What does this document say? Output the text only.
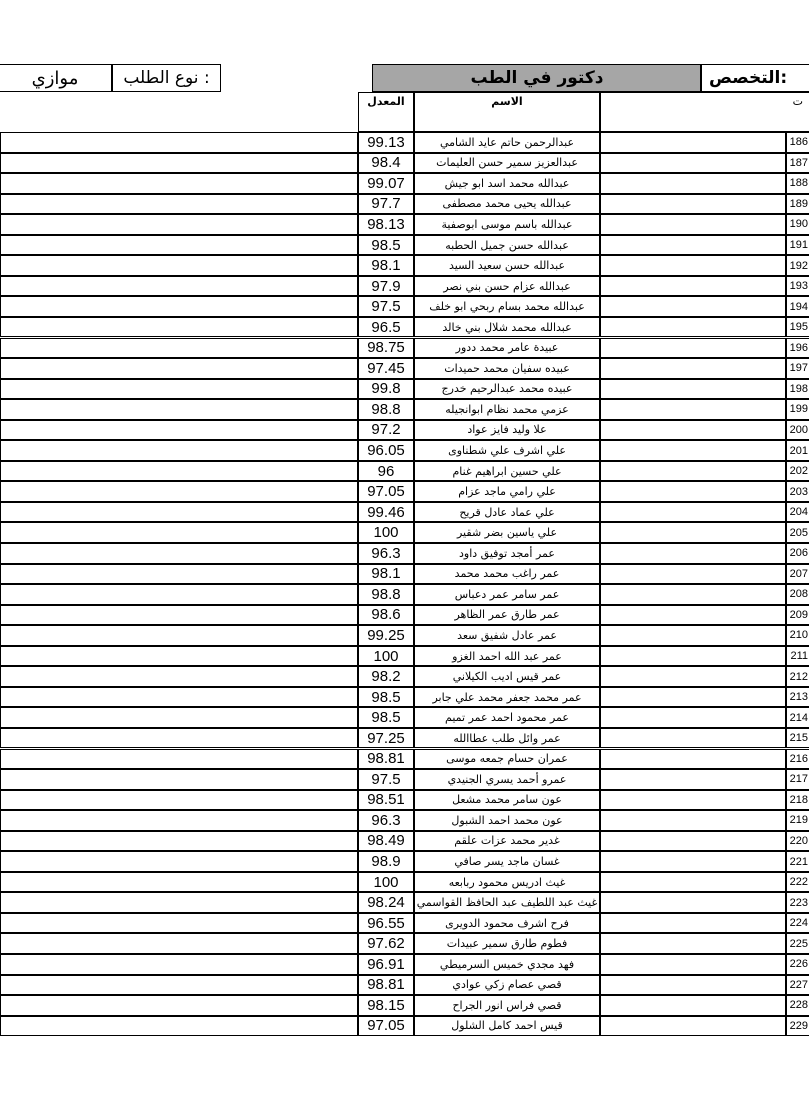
موازي	نوع الطلب :	دكتور في الطب	التخصص:
المعدل	الاسم	ت
99.13	عبدالرحمن حاتم عايد الشامي	186
98.4	عبدالعزيز سمير حسن العليمات	187
99.07	عبدالله محمد اسد ابو جيش	188
97.7	عبدالله يحيى محمد مصطفى	189
98.13	عبدالله باسم موسى ابوصفية	190
98.5	عبدالله حسن جميل الحطبه	191
98.1	عبدالله حسن سعيد السيد	192
97.9	عبدالله عزام حسن بني نصر	193
97.5	عبدالله محمد بسام ربحي ابو خلف	194
96.5	عبدالله محمد شلال بني خالد	195
98.75	عبيدة عامر محمد ددور	196
97.45	عبيده سفيان محمد حميدات	197
99.8	عبيده محمد عبدالرحيم خدرج	198
98.8	عزمي محمد نظام ابوانجيله	199
97.2	علا وليد فايز عواد	200
96.05	علي اشرف علي شطناوى	201
96	علي حسين ابراهيم غنام	202
97.05	علي رامي ماجد عزام	203
99.46	علي عماد عادل قريح	204
100	علي ياسين بضر شقير	205
96.3	عمر أمجد توفيق داود	206
98.1	عمر راغب محمد محمد	207
98.8	عمر سامر عمر دعباس	208
98.6	عمر طارق عمر الظاهر	209
99.25	عمر عادل شفيق سعد	210
100	عمر عبد الله احمد الغزو	211
98.2	عمر قيس اديب الكيلاني	212
98.5	عمر محمد جعفر محمد علي جابر	213
98.5	عمر محمود احمد عمر تميم	214
97.25	عمر وائل طلب عطاالله	215
98.81	عمران حسام جمعه موسى	216
97.5	عمرو أحمد يسري الجنيدي	217
98.51	عون سامر محمد مشعل	218
96.3	عون محمد احمد الشبول	219
98.49	غدير محمد عزات علقم	220
98.9	غسان ماجد يسر صافي	221
100	غيث ادريس محمود ربابعه	222
98.24	غيث عبد اللطيف عبد الحافظ القواسمي	223
96.55	فرح اشرف محمود الدويرى	224
97.62	فطوم طارق سمير عبيدات	225
96.91	فهد مجدي خميس السرميطي	226
98.81	قصي عصام زكي عوادي	227
98.15	قصي فراس انور الجراح	228
97.05	قيس احمد كامل الشلول	229
